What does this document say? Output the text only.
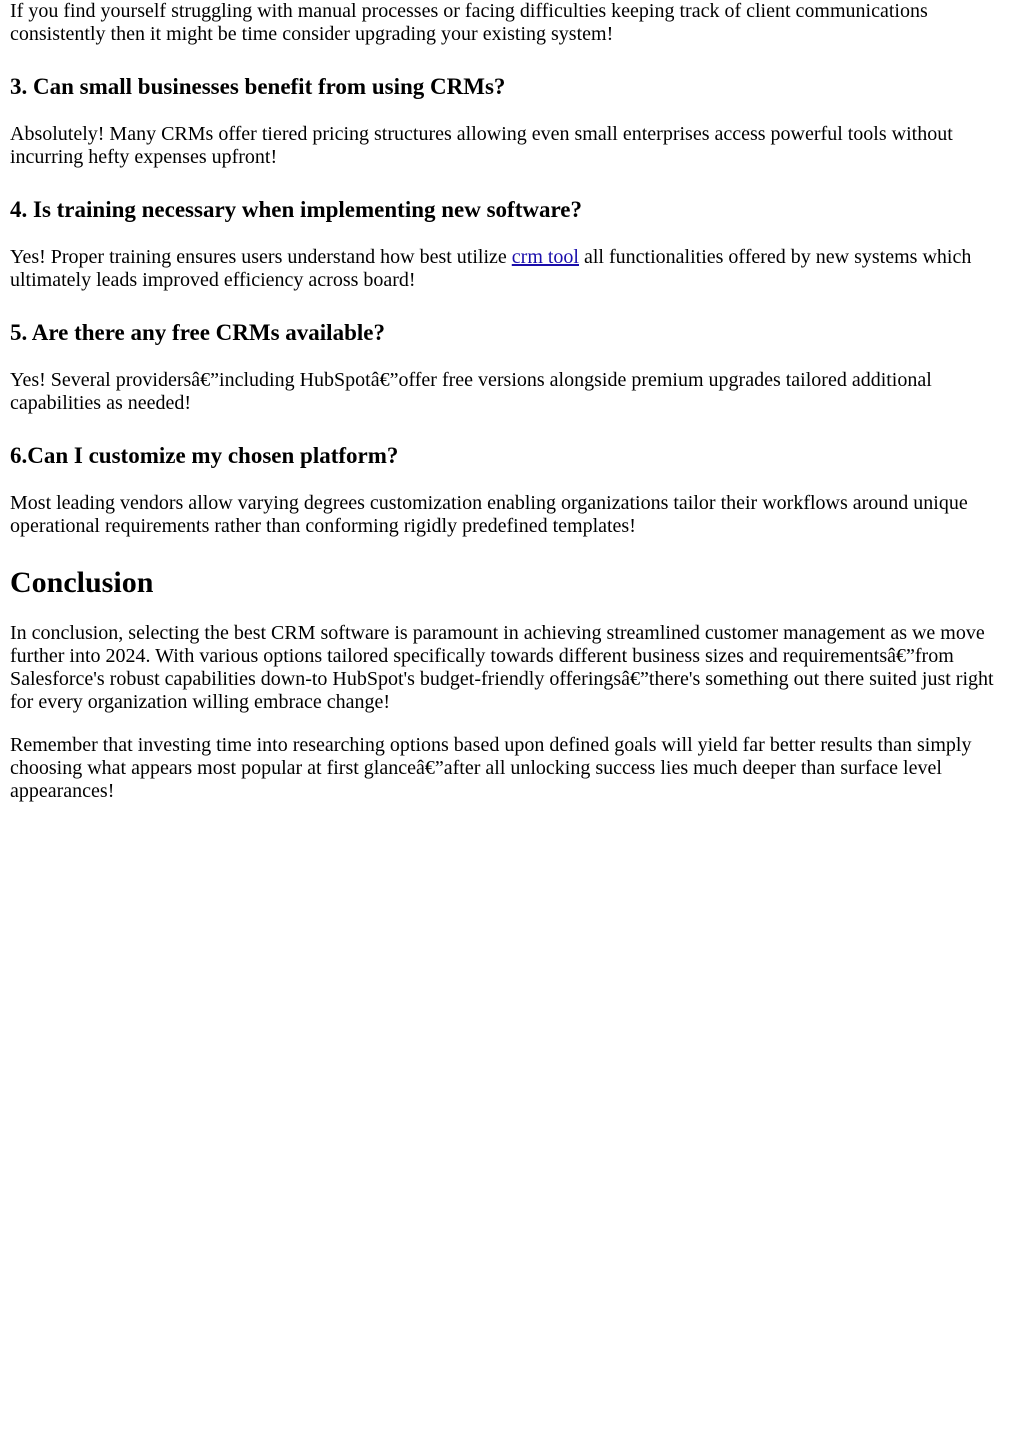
If you find yourself struggling with manual processes or facing difficulties keeping track of client communications consistently then it might be time consider upgrading your existing system!

3. Can small businesses benefit from using CRMs?

Absolutely! Many CRMs offer tiered pricing structures allowing even small enterprises access powerful tools without incurring hefty expenses upfront!

4. Is training necessary when implementing new software?

Yes! Proper training ensures users understand how best utilize crm tool all functionalities offered by new systems which ultimately leads improved efficiency across board!

5. Are there any free CRMs available?

Yes! Several providersâ€”including HubSpotâ€”offer free versions alongside premium upgrades tailored additional capabilities as needed!

6.Can I customize my chosen platform?

Most leading vendors allow varying degrees customization enabling organizations tailor their workflows around unique operational requirements rather than conforming rigidly predefined templates!

Conclusion

In conclusion, selecting the best CRM software is paramount in achieving streamlined customer management as we move further into 2024. With various options tailored specifically towards different business sizes and requirementsâ€”from Salesforce's robust capabilities down-to HubSpot's budget-friendly offeringsâ€”there's something out there suited just right for every organization willing embrace change!

Remember that investing time into researching options based upon defined goals will yield far better results than simply choosing what appears most popular at first glanceâ€”after all unlocking success lies much deeper than surface level appearances!
